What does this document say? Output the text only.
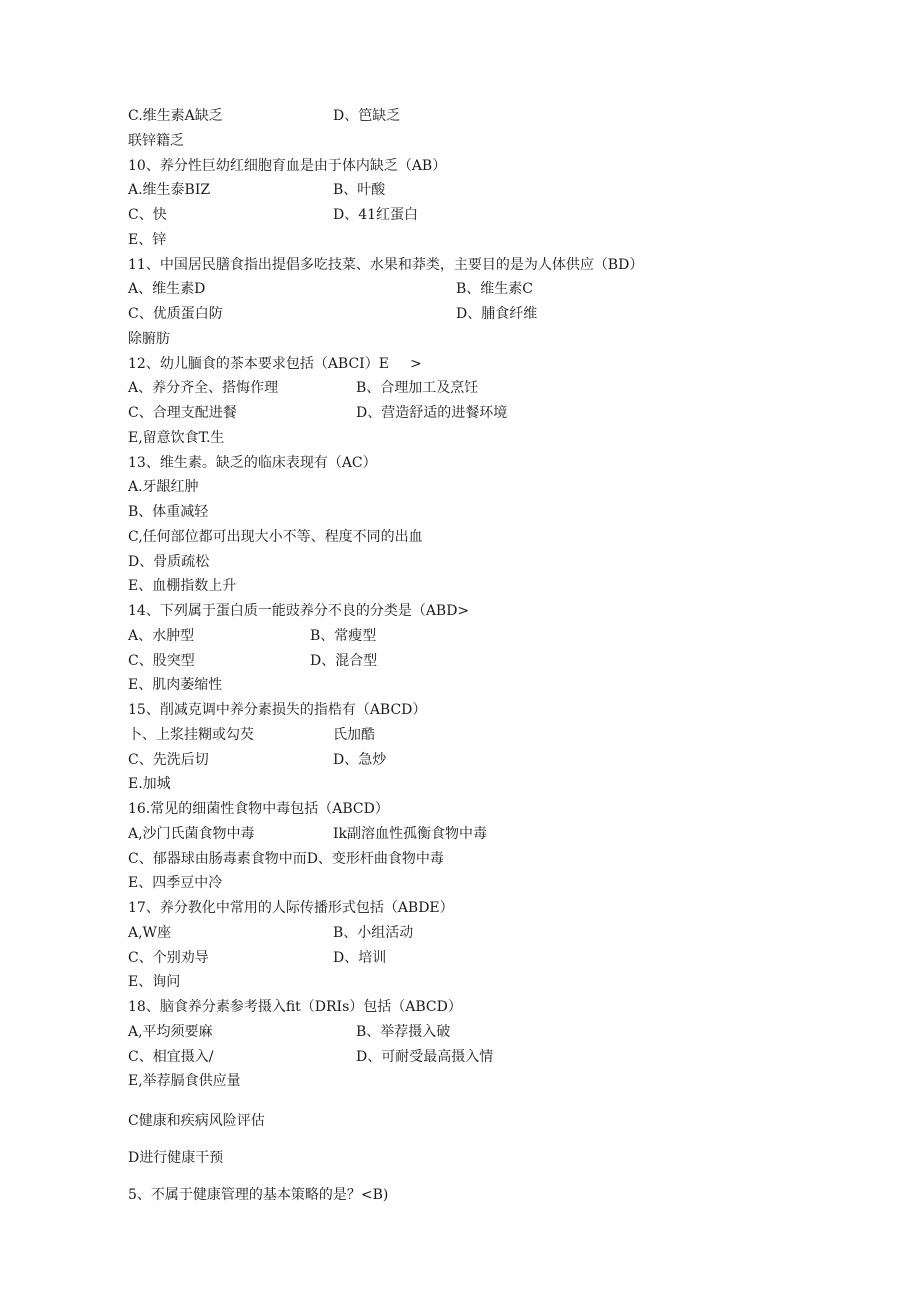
C.维生素A缺乏	D、笆缺乏
联锌籍乏
10、养分性巨幼红细胞育血是由于体内缺乏（AB）
A.维生泰BIZ	B、叶酸
C、快	D、41红蛋白
E、锌
11、中国居民膳食指出提倡多吃技菜、水果和莽类，主要目的是为人体供应（BD）
A、维生素D	B、维生素C
C、优质蛋白防	D、脯食纤维
除腑肪
12、幼儿腼食的茶本要求包括（ABCI）E >
A、养分齐全、搭悔作理	B、合理加工及烹饪
C、合理支配进餐	D、营造舒适的进餐环境
E,留意饮食T.生
13、维生素。缺乏的临床表现有（AC）
A.牙龈红肿
B、体重减轻
C,任何部位都可出现大小不等、程度不同的出血
D、骨质疏松
E、血棚指数上升
14、下列属于蛋白质一能豉养分不良的分类是（ABD>
A、水肿型	B、常瘦型
C、股突型	D、混合型
E、肌肉萎缩性
15、削减克调中养分素损失的指梏有（ABCD）
卜、上浆挂糊或勾芡	氏加酷
C、先洗后切	D、急炒
E.加城
16.常见的细菌性食物中毒包括（ABCD）
A,沙门氏菌食物中毒	Ik副溶血性孤衡食物中毒
C、郁器球由肠毒素食物中而D、变形杆曲食物中毒
E、四季豆中冷
17、养分教化中常用的人际传播形式包括（ABDE）
A,W座	B、小组活动
C、个别劝导	D、培训
E、询问
18、脑食养分素参考摄入fit（DRIs）包括（ABCD）
A,平均须要麻	B、举荐摄入破
C、相宜摄入/	D、可耐受最高摄入情
E,举荐膈食供应量
C健康和疾病风险评估
D进行健康干预
5、不属于健康管理的基本策略的是？<B)
